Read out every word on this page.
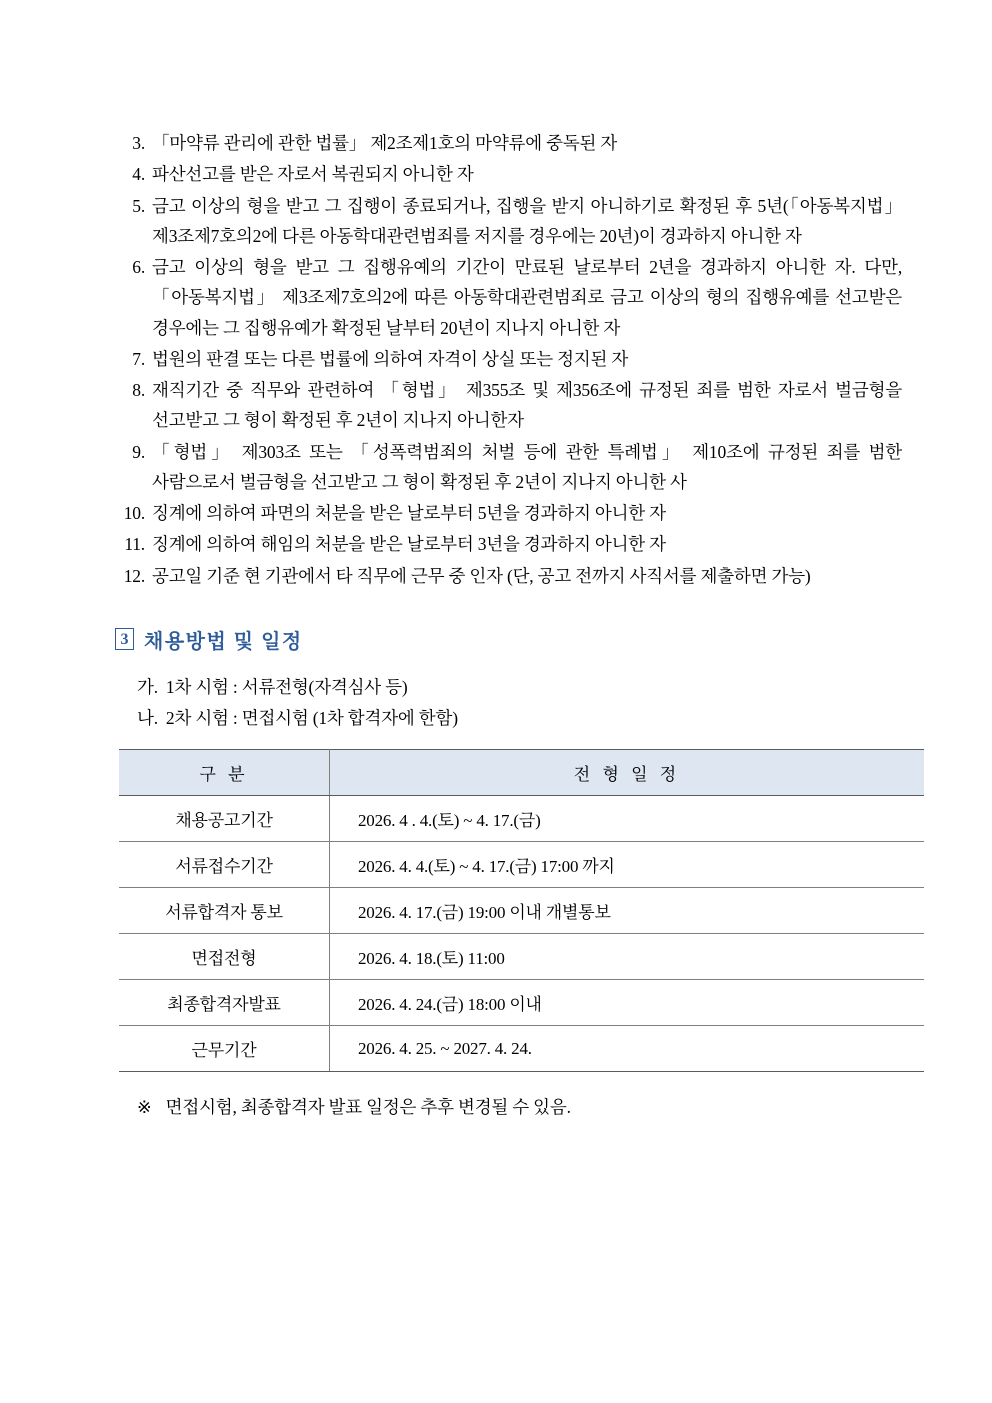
3. 「마약류 관리에 관한 법률」 제2조제1호의 마약류에 중독된 자
4. 파산선고를 받은 자로서 복권되지 아니한 자
5. 금고 이상의 형을 받고 그 집행이 종료되거나, 집행을 받지 아니하기로 확정된 후 5년(「아동복지법」 제3조제7호의2에 다른 아동학대관련범죄를 저지를 경우에는 20년)이 경과하지 아니한 자
6. 금고 이상의 형을 받고 그 집행유예의 기간이 만료된 날로부터 2년을 경과하지 아니한 자. 다만, 「아동복지법」 제3조제7호의2에 따른 아동학대관련범죄로 금고 이상의 형의 집행유예를 선고받은 경우에는 그 집행유예가 확정된 날부터 20년이 지나지 아니한 자
7. 법원의 판결 또는 다른 법률에 의하여 자격이 상실 또는 정지된 자
8. 재직기간 중 직무와 관련하여 「형법」 제355조 및 제356조에 규정된 죄를 범한 자로서 벌금형을 선고받고 그 형이 확정된 후 2년이 지나지 아니한자
9. 「형법」 제303조 또는 「성폭력범죄의 처벌 등에 관한 특례법」 제10조에 규정된 죄를 범한 사람으로서 벌금형을 선고받고 그 형이 확정된 후 2년이 지나지 아니한 사
10. 징계에 의하여 파면의 처분을 받은 날로부터 5년을 경과하지 아니한 자
11. 징계에 의하여 해임의 처분을 받은 날로부터 3년을 경과하지 아니한 자
12. 공고일 기준 현 기관에서 타 직무에 근무 중 인자 (단, 공고 전까지 사직서를 제출하면 가능)
3 채용방법 및 일정
가. 1차 시험 : 서류전형(자격심사 등)
나. 2차 시험 : 면접시험 (1차 합격자에 한함)
구 분	전 형 일 정
채용공고기간	2026. 4 . 4.(토) ~ 4. 17.(금)
서류접수기간	2026. 4. 4.(토) ~ 4. 17.(금) 17:00 까지
서류합격자 통보	2026. 4. 17.(금) 19:00 이내 개별통보
면접전형	2026. 4. 18.(토) 11:00
최종합격자발표	2026. 4. 24.(금) 18:00 이내
근무기간	2026. 4. 25. ~ 2027. 4. 24.
※ 면접시험, 최종합격자 발표 일정은 추후 변경될 수 있음.
